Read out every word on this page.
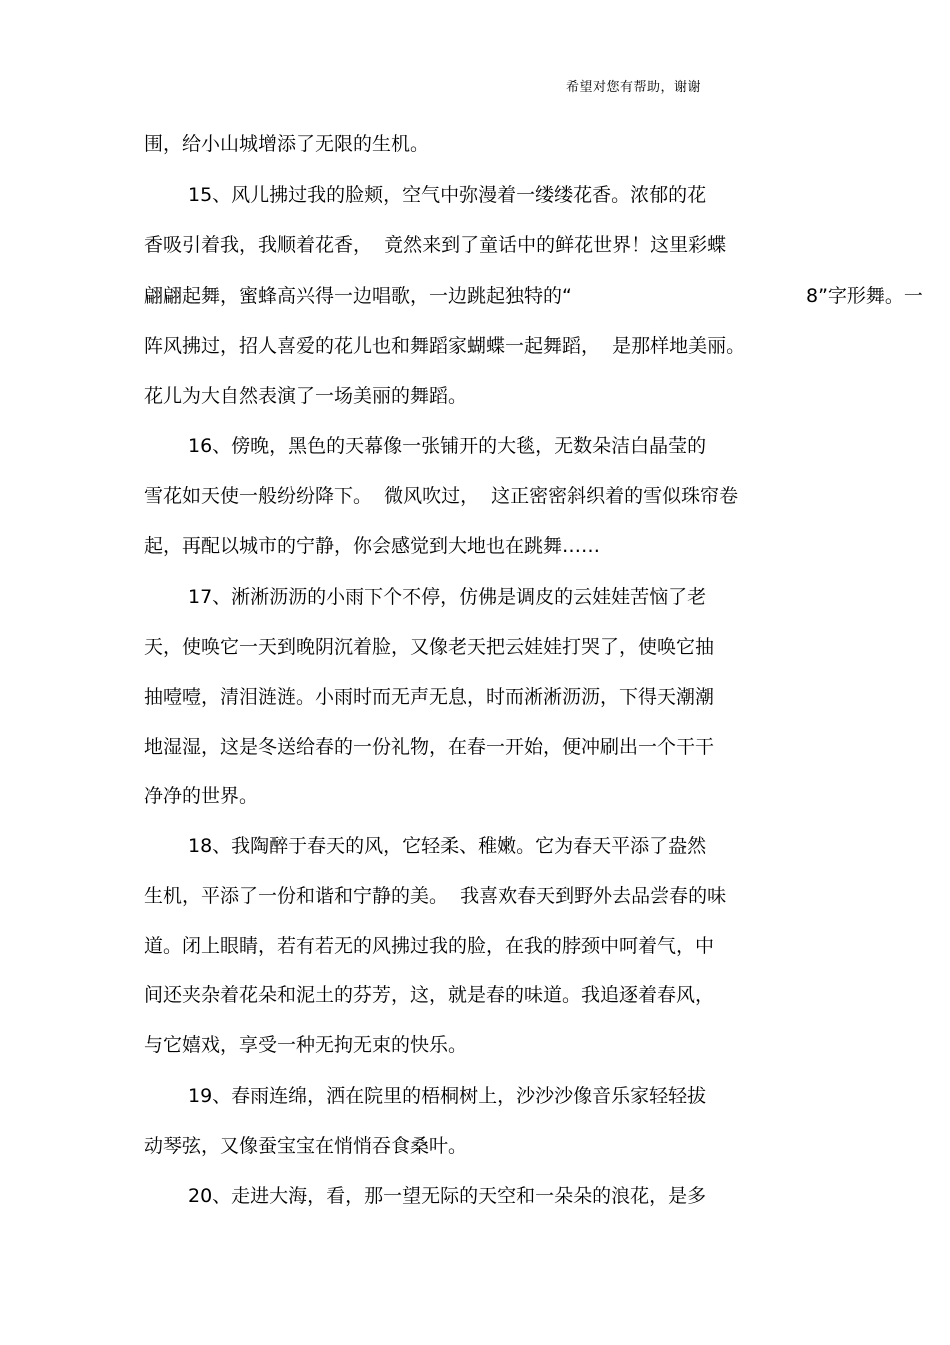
希望对您有帮助，谢谢
围，给小山城增添了无限的生机。
15、风儿拂过我的脸颊，空气中弥漫着一缕缕花香。浓郁的花
香吸引着我，我顺着花香，  竟然来到了童话中的鲜花世界！这里彩蝶
翩翩起舞，蜜蜂高兴得一边唱歌，一边跳起独特的“	8”字形舞。一
阵风拂过，招人喜爱的花儿也和舞蹈家蝴蝶一起舞蹈，  是那样地美丽。
花儿为大自然表演了一场美丽的舞蹈。
16、傍晚，黑色的天幕像一张铺开的大毯，无数朵洁白晶莹的
雪花如天使一般纷纷降下。  微风吹过，  这正密密斜织着的雪似珠帘卷
起，再配以城市的宁静，你会感觉到大地也在跳舞……
17、淅淅沥沥的小雨下个不停，仿佛是调皮的云娃娃苦恼了老
天，使唤它一天到晚阴沉着脸，又像老天把云娃娃打哭了，使唤它抽
抽噎噎，清泪涟涟。小雨时而无声无息，时而淅淅沥沥，下得天潮潮
地湿湿，这是冬送给春的一份礼物，在春一开始，便冲刷出一个干干
净净的世界。
18、我陶醉于春天的风，它轻柔、稚嫩。它为春天平添了盎然
生机，平添了一份和谐和宁静的美。  我喜欢春天到野外去品尝春的味
道。闭上眼睛，若有若无的风拂过我的脸，在我的脖颈中呵着气，中
间还夹杂着花朵和泥土的芬芳，这，就是春的味道。我追逐着春风，
与它嬉戏，享受一种无拘无束的快乐。
19、春雨连绵，洒在院里的梧桐树上，沙沙沙像音乐家轻轻拔
动琴弦，又像蚕宝宝在悄悄吞食桑叶。
20、走进大海，看，那一望无际的天空和一朵朵的浪花，是多
